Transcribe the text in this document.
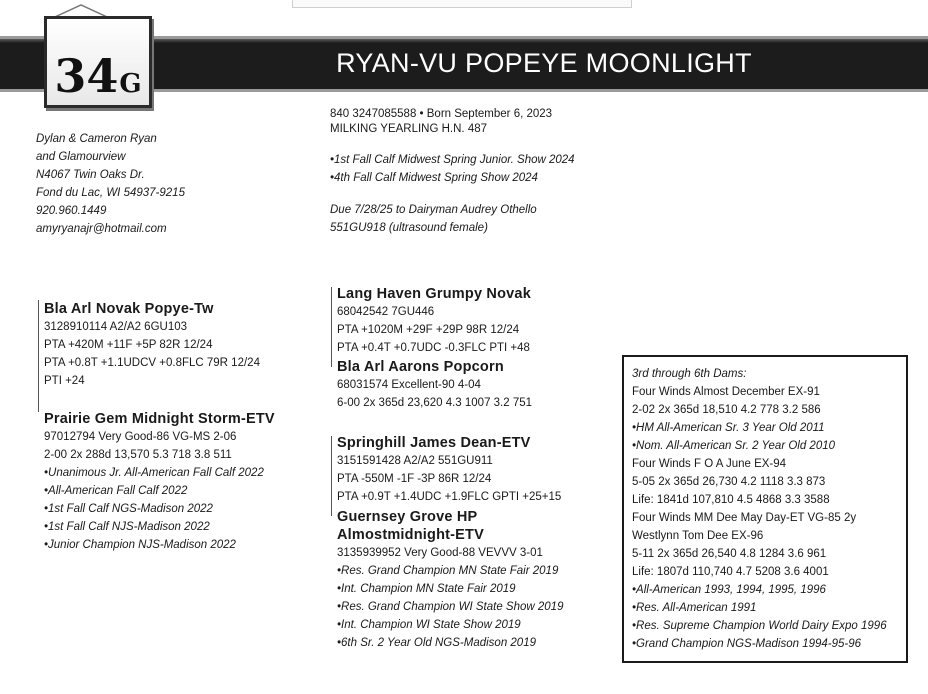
RYAN-VU POPEYE MOONLIGHT
34 G
Dylan & Cameron Ryan
and Glamourview
N4067 Twin Oaks Dr.
Fond du Lac, WI 54937-9215
920.960.1449
amyryanajr@hotmail.com
840 3247085588 • Born September 6, 2023
MILKING YEARLING H.N. 487
•1st Fall Calf Midwest Spring Junior. Show 2024
•4th Fall Calf Midwest Spring Show 2024
Due 7/28/25 to Dairyman Audrey Othello
551GU918 (ultrasound female)
Bla Arl Novak Popye-Tw
3128910114 A2/A2 6GU103
PTA +420M +11F +5P 82R 12/24
PTA +0.8T +1.1UDCV +0.8FLC 79R 12/24
PTI +24
Prairie Gem Midnight Storm-ETV
97012794 Very Good-86 VG-MS 2-06
2-00 2x 288d 13,570 5.3 718 3.8 511
•Unanimous Jr. All-American Fall Calf 2022
•All-American Fall Calf 2022
•1st Fall Calf NGS-Madison 2022
•1st Fall Calf NJS-Madison 2022
•Junior Champion NJS-Madison 2022
Lang Haven Grumpy Novak
68042542 7GU446
PTA +1020M +29F +29P 98R 12/24
PTA +0.4T +0.7UDC -0.3FLC PTI +48
Bla Arl Aarons Popcorn
68031574 Excellent-90 4-04
6-00 2x 365d 23,620 4.3 1007 3.2 751
Springhill James Dean-ETV
3151591428 A2/A2 551GU911
PTA -550M -1F -3P 86R 12/24
PTA +0.9T +1.4UDC +1.9FLC GPTI +25+15
Guernsey Grove HP
Almostmidnight-ETV
3135939952 Very Good-88 VEVVV 3-01
•Res. Grand Champion MN State Fair 2019
•Int. Champion MN State Fair 2019
•Res. Grand Champion WI State Show 2019
•Int. Champion WI State Show 2019
•6th Sr. 2 Year Old NGS-Madison 2019
3rd through 6th Dams:
Four Winds Almost December EX-91
2-02 2x 365d 18,510 4.2 778 3.2 586
•HM All-American Sr. 3 Year Old 2011
•Nom. All-American Sr. 2 Year Old 2010
Four Winds F O A June EX-94
5-05 2x 365d 26,730 4.2 1118 3.3 873
Life: 1841d 107,810 4.5 4868 3.3 3588
Four Winds MM Dee May Day-ET VG-85 2y
Westlynn Tom Dee EX-96
5-11 2x 365d 26,540 4.8 1284 3.6 961
Life: 1807d 110,740 4.7 5208 3.6 4001
•All-American 1993, 1994, 1995, 1996
•Res. All-American 1991
•Res. Supreme Champion World Dairy Expo 1996
•Grand Champion NGS-Madison 1994-95-96
